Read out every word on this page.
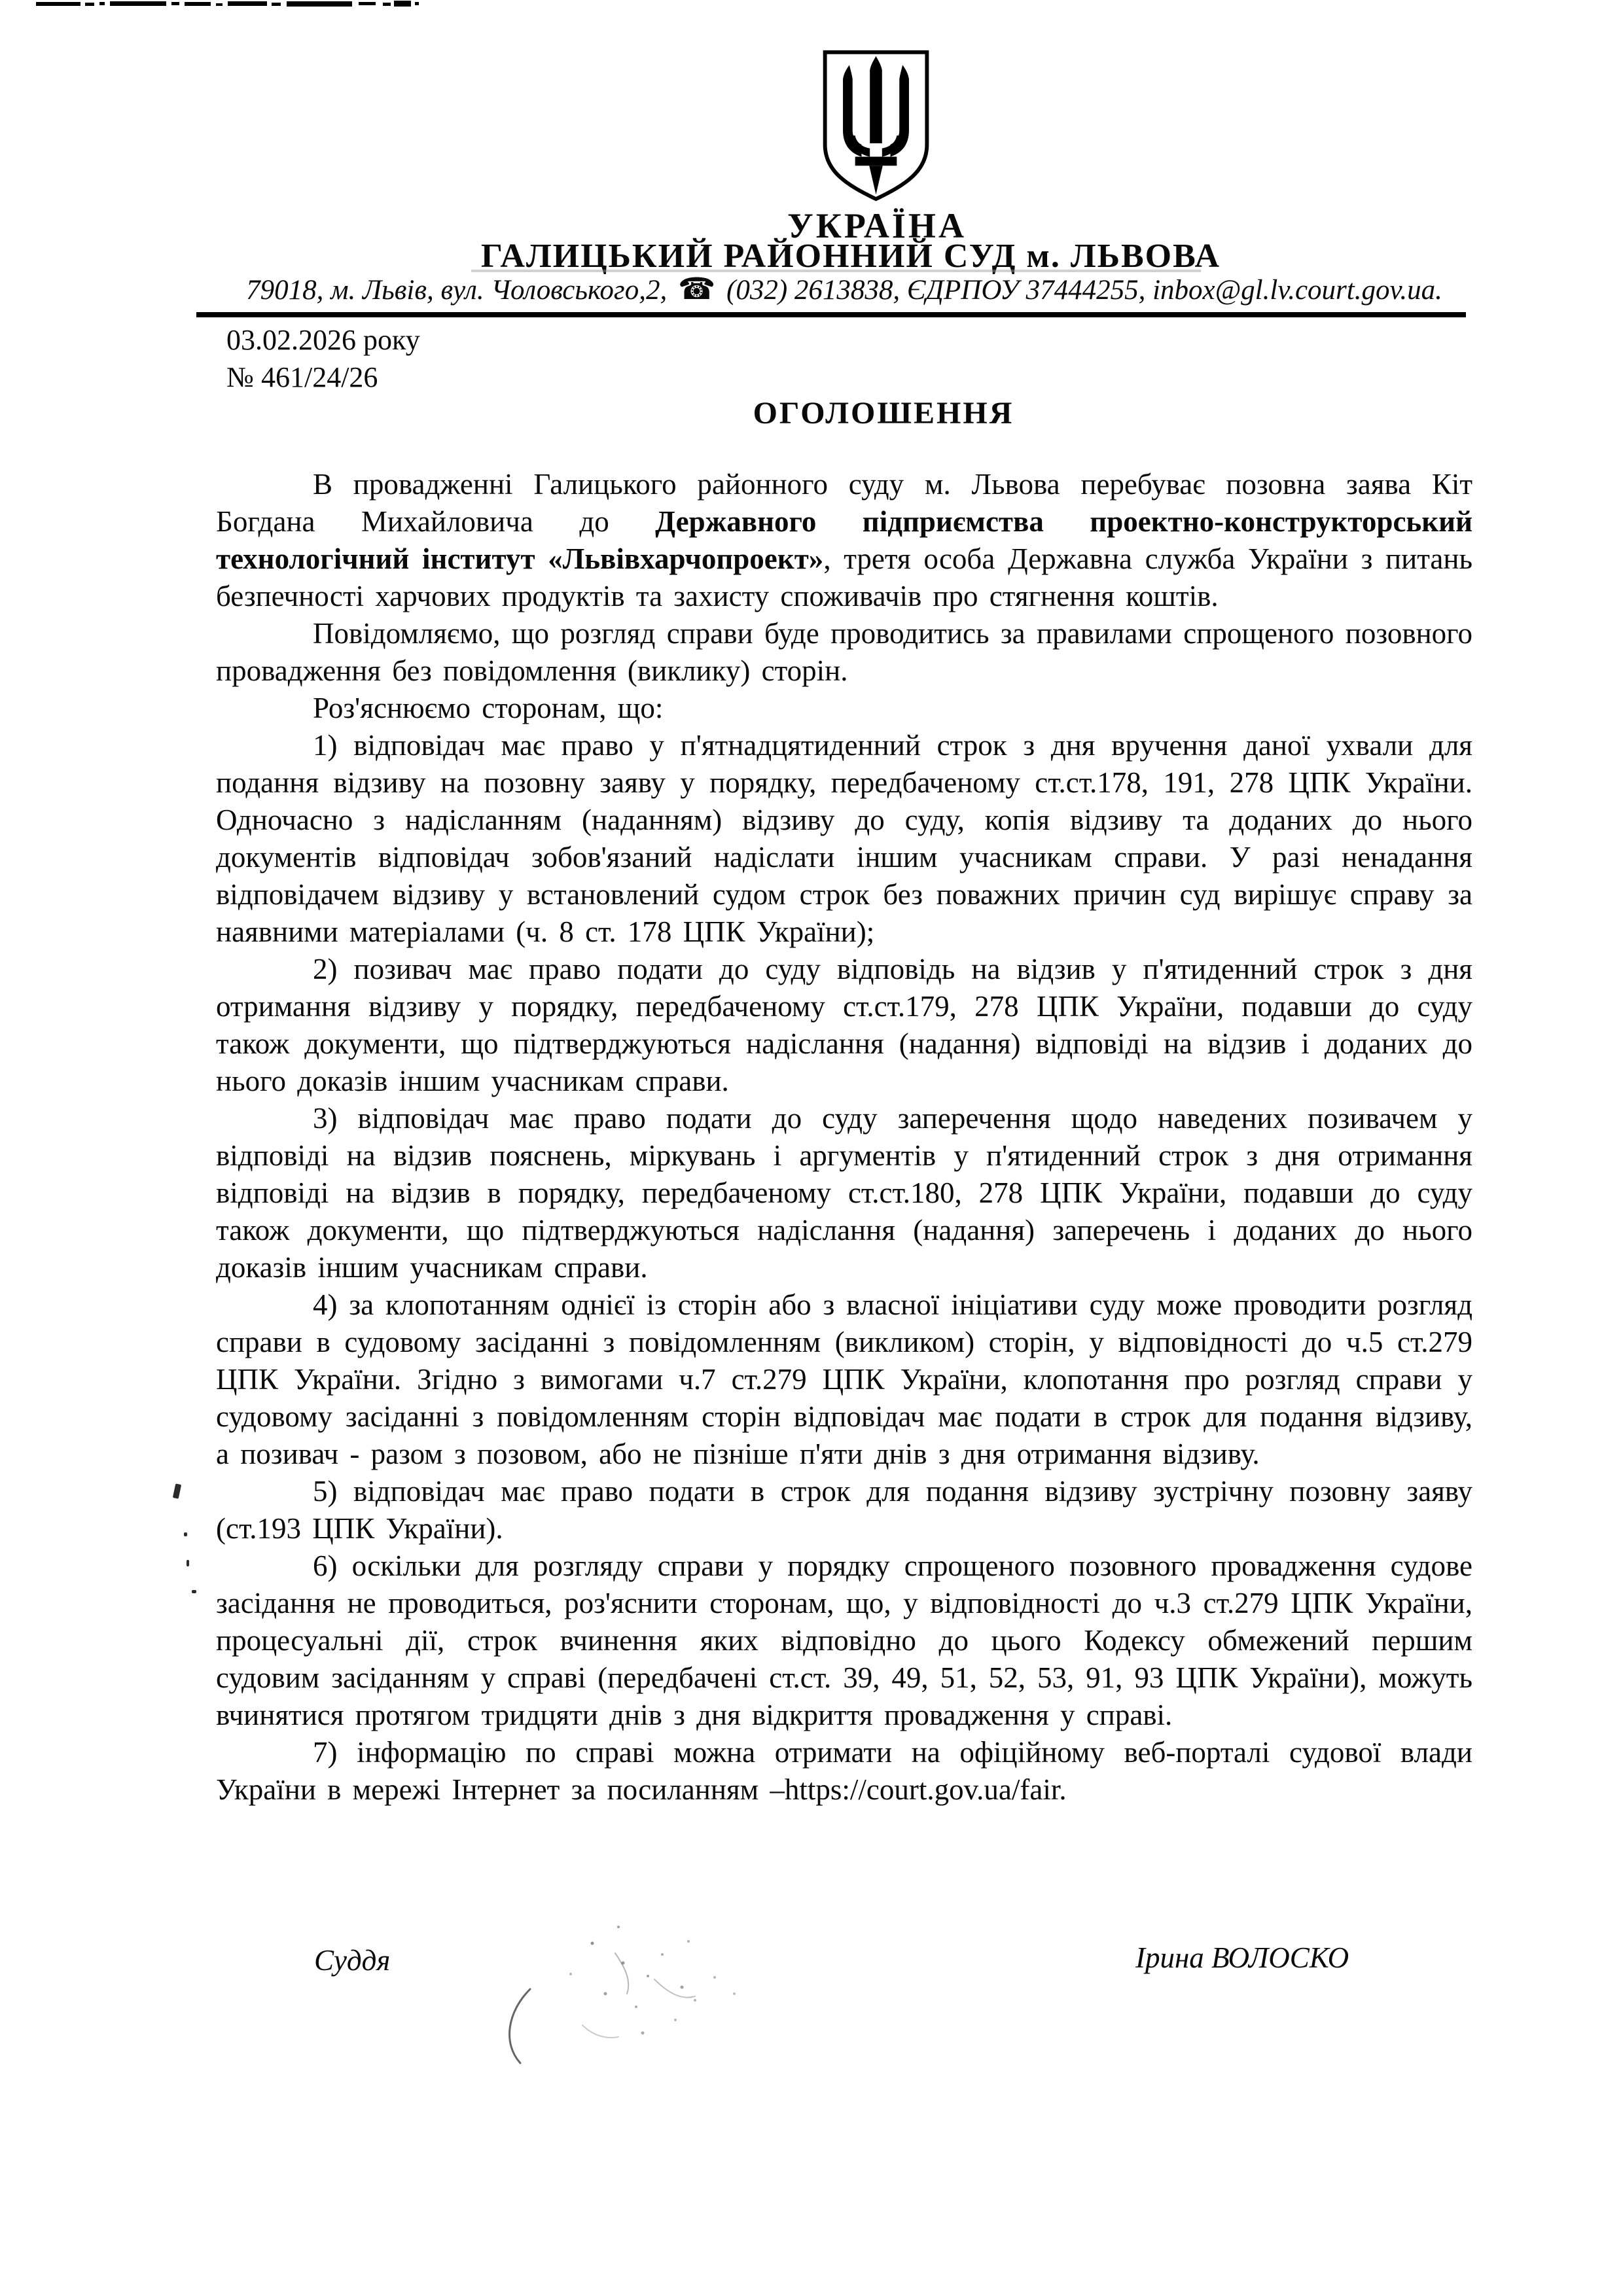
УКРАЇНА
ГАЛИЦЬКИЙ РАЙОННИЙ СУД м. ЛЬВОВА
79018, м. Львів, вул. Чоловського,2, ☎ (032) 2613838, ЄДРПОУ 37444255, inbox@gl.lv.court.gov.ua.
03.02.2026 року
№ 461/24/26
ОГОЛОШЕННЯ

В провадженні Галицького районного суду м. Львова перебуває позовна заява Кіт Богдана Михайловича до Державного підприємства проектно-конструкторський технологічний інститут «Львівхарчопроект», третя особа Державна служба України з питань безпечності харчових продуктів та захисту споживачів про стягнення коштів.

Повідомляємо, що розгляд справи буде проводитись за правилами спрощеного позовного провадження без повідомлення (виклику) сторін.

Роз'яснюємо сторонам, що:

1) відповідач має право у п'ятнадцятиденний строк з дня вручення даної ухвали для подання відзиву на позовну заяву у порядку, передбаченому ст.ст.178, 191, 278 ЦПК України. Одночасно з надісланням (наданням) відзиву до суду, копія відзиву та доданих до нього документів відповідач зобов'язаний надіслати іншим учасникам справи. У разі ненадання відповідачем відзиву у встановлений судом строк без поважних причин суд вирішує справу за наявними матеріалами (ч. 8 ст. 178 ЦПК України);

2) позивач має право подати до суду відповідь на відзив у п'ятиденний строк з дня отримання відзиву у порядку, передбаченому ст.ст.179, 278 ЦПК України, подавши до суду також документи, що підтверджуються надіслання (надання) відповіді на відзив і доданих до нього доказів іншим учасникам справи.

3) відповідач має право подати до суду заперечення щодо наведених позивачем у відповіді на відзив пояснень, міркувань і аргументів у п'ятиденний строк з дня отримання відповіді на відзив в порядку, передбаченому ст.ст.180, 278 ЦПК України, подавши до суду також документи, що підтверджуються надіслання (надання) заперечень і доданих до нього доказів іншим учасникам справи.

4) за клопотанням однієї із сторін або з власної ініціативи суду може проводити розгляд справи в судовому засіданні з повідомленням (викликом) сторін, у відповідності до ч.5 ст.279 ЦПК України. Згідно з вимогами ч.7 ст.279 ЦПК України, клопотання про розгляд справи у судовому засіданні з повідомленням сторін відповідач має подати в строк для подання відзиву, а позивач - разом з позовом, або не пізніше п'яти днів з дня отримання відзиву.

5) відповідач має право подати в строк для подання відзиву зустрічну позовну заяву (ст.193 ЦПК України).

6) оскільки для розгляду справи у порядку спрощеного позовного провадження судове засідання не проводиться, роз'яснити сторонам, що, у відповідності до ч.3 ст.279 ЦПК України, процесуальні дії, строк вчинення яких відповідно до цього Кодексу обмежений першим судовим засіданням у справі (передбачені ст.ст. 39, 49, 51, 52, 53, 91, 93 ЦПК України), можуть вчинятися протягом тридцяти днів з дня відкриття провадження у справі.

7) інформацію по справі можна отримати на офіційному веб-порталі судової влади України в мережі Інтернет за посиланням –https://court.gov.ua/fair.

Суддя	Ірина ВОЛОСКО
